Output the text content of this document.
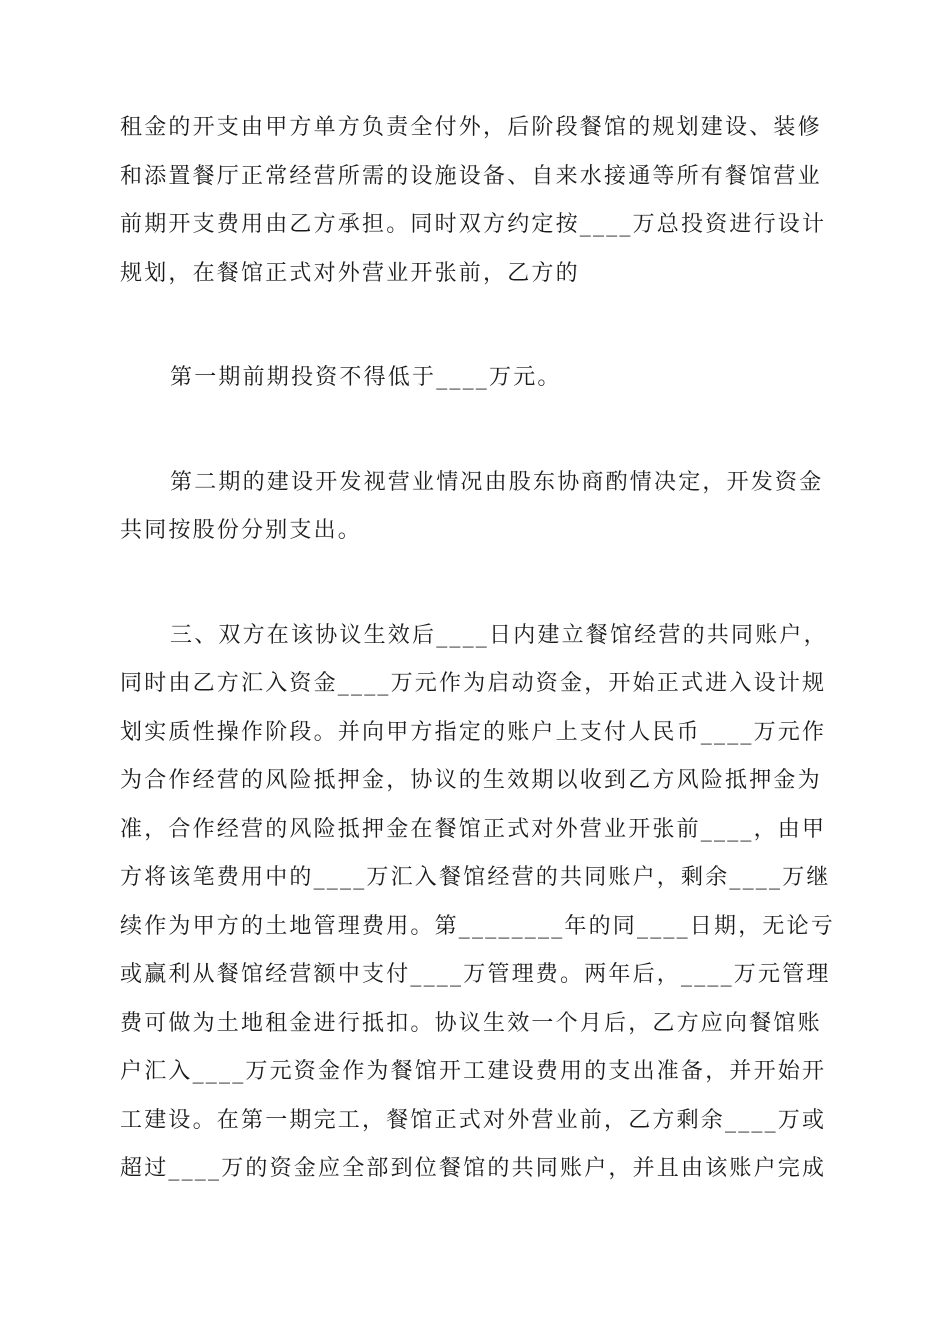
租金的开支由甲方单方负责全付外，后阶段餐馆的规划建设、装修
和添置餐厅正常经营所需的设施设备、自来水接通等所有餐馆营业
前期开支费用由乙方承担。同时双方约定按____万总投资进行设计
规划，在餐馆正式对外营业开张前，乙方的
第一期前期投资不得低于____万元。
第二期的建设开发视营业情况由股东协商酌情决定，开发资金
共同按股份分别支出。
三、双方在该协议生效后____日内建立餐馆经营的共同账户，
同时由乙方汇入资金____万元作为启动资金，开始正式进入设计规
划实质性操作阶段。并向甲方指定的账户上支付人民币____万元作
为合作经营的风险抵押金，协议的生效期以收到乙方风险抵押金为
准，合作经营的风险抵押金在餐馆正式对外营业开张前____，由甲
方将该笔费用中的____万汇入餐馆经营的共同账户，剩余____万继
续作为甲方的土地管理费用。第________年的同____日期，无论亏
或赢利从餐馆经营额中支付____万管理费。两年后，____万元管理
费可做为土地租金进行抵扣。协议生效一个月后，乙方应向餐馆账
户汇入____万元资金作为餐馆开工建设费用的支出准备，并开始开
工建设。在第一期完工，餐馆正式对外营业前，乙方剩余____万或
超过____万的资金应全部到位餐馆的共同账户，并且由该账户完成
